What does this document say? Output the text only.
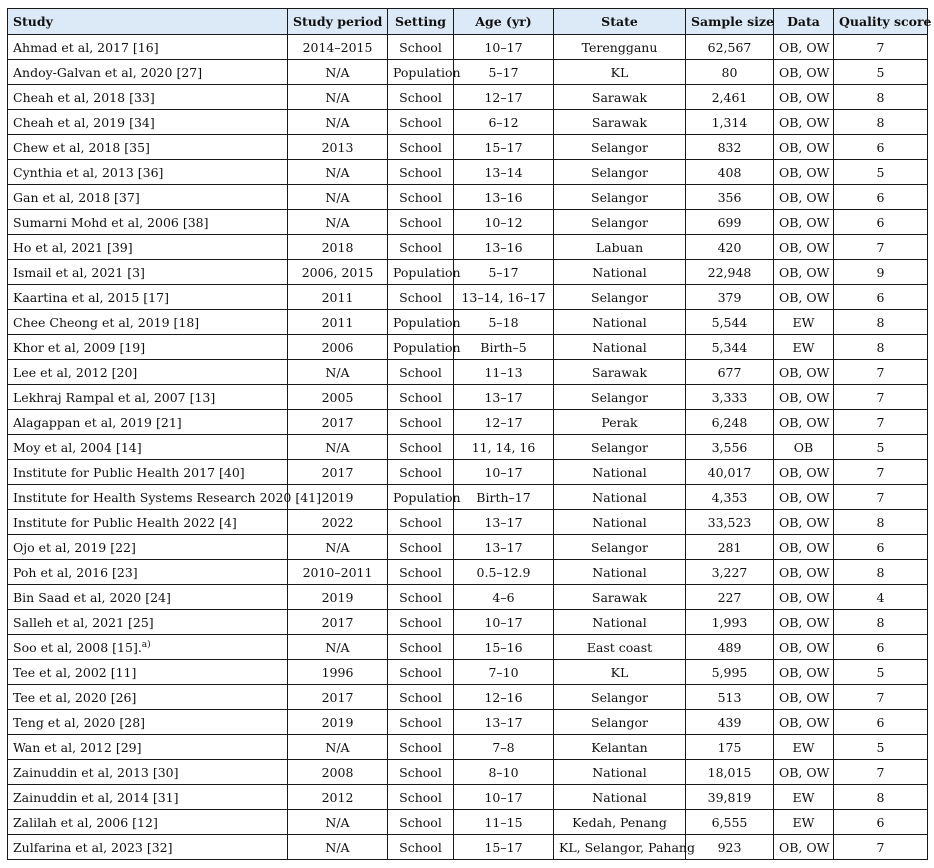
Study	Study period	Setting	Age (yr)	State	Sample size	Data	Quality score
Ahmad et al, 2017 [16]	2014–2015	School	10–17	Terengganu	62,567	OB, OW	7
Andoy-Galvan et al, 2020 [27]	N/A	Population	5–17	KL	80	OB, OW	5
Cheah et al, 2018 [33]	N/A	School	12–17	Sarawak	2,461	OB, OW	8
Cheah et al, 2019 [34]	N/A	School	6–12	Sarawak	1,314	OB, OW	8
Chew et al, 2018 [35]	2013	School	15–17	Selangor	832	OB, OW	6
Cynthia et al, 2013 [36]	N/A	School	13–14	Selangor	408	OB, OW	5
Gan et al, 2018 [37]	N/A	School	13–16	Selangor	356	OB, OW	6
Sumarni Mohd et al, 2006 [38]	N/A	School	10–12	Selangor	699	OB, OW	6
Ho et al, 2021 [39]	2018	School	13–16	Labuan	420	OB, OW	7
Ismail et al, 2021 [3]	2006, 2015	Population	5–17	National	22,948	OB, OW	9
Kaartina et al, 2015 [17]	2011	School	13–14, 16–17	Selangor	379	OB, OW	6
Chee Cheong et al, 2019 [18]	2011	Population	5–18	National	5,544	EW	8
Khor et al, 2009 [19]	2006	Population	Birth–5	National	5,344	EW	8
Lee et al, 2012 [20]	N/A	School	11–13	Sarawak	677	OB, OW	7
Lekhraj Rampal et al, 2007 [13]	2005	School	13–17	Selangor	3,333	OB, OW	7
Alagappan et al, 2019 [21]	2017	School	12–17	Perak	6,248	OB, OW	7
Moy et al, 2004 [14]	N/A	School	11, 14, 16	Selangor	3,556	OB	5
Institute for Public Health 2017 [40]	2017	School	10–17	National	40,017	OB, OW	7
Institute for Health Systems Research 2020 [41]	2019	Population	Birth–17	National	4,353	OB, OW	7
Institute for Public Health 2022 [4]	2022	School	13–17	National	33,523	OB, OW	8
Ojo et al, 2019 [22]	N/A	School	13–17	Selangor	281	OB, OW	6
Poh et al, 2016 [23]	2010–2011	School	0.5–12.9	National	3,227	OB, OW	8
Bin Saad et al, 2020 [24]	2019	School	4–6	Sarawak	227	OB, OW	4
Salleh et al, 2021 [25]	2017	School	10–17	National	1,993	OB, OW	8
Soo et al, 2008 [15].$^{a)}$	N/A	School	15–16	East coast	489	OB, OW	6
Tee et al, 2002 [11]	1996	School	7–10	KL	5,995	OB, OW	5
Tee et al, 2020 [26]	2017	School	12–16	Selangor	513	OB, OW	7
Teng et al, 2020 [28]	2019	School	13–17	Selangor	439	OB, OW	6
Wan et al, 2012 [29]	N/A	School	7–8	Kelantan	175	EW	5
Zainuddin et al, 2013 [30]	2008	School	8–10	National	18,015	OB, OW	7
Zainuddin et al, 2014 [31]	2012	School	10–17	National	39,819	EW	8
Zalilah et al, 2006 [12]	N/A	School	11–15	Kedah, Penang	6,555	EW	6
Zulfarina et al, 2023 [32]	N/A	School	15–17	KL, Selangor, Pahang	923	OB, OW	7
